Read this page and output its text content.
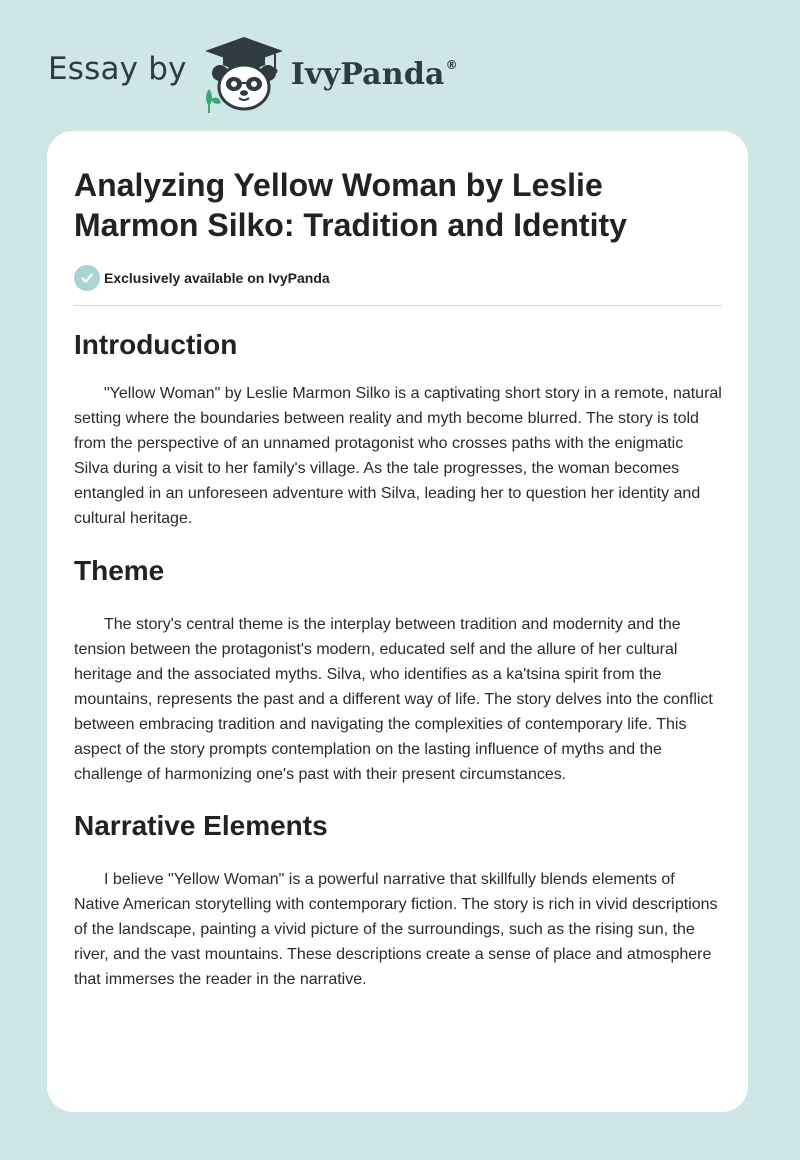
Essay by	IvyPanda®
Analyzing Yellow Woman by Leslie Marmon Silko: Tradition and Identity
Exclusively available on IvyPanda
Introduction

"Yellow Woman" by Leslie Marmon Silko is a captivating short story in a remote, natural setting where the boundaries between reality and myth become blurred. The story is told from the perspective of an unnamed protagonist who crosses paths with the enigmatic Silva during a visit to her family's village. As the tale progresses, the woman becomes entangled in an unforeseen adventure with Silva, leading her to question her identity and cultural heritage.

Theme

The story's central theme is the interplay between tradition and modernity and the tension between the protagonist's modern, educated self and the allure of her cultural heritage and the associated myths. Silva, who identifies as a ka'tsina spirit from the mountains, represents the past and a different way of life. The story delves into the conflict between embracing tradition and navigating the complexities of contemporary life. This aspect of the story prompts contemplation on the lasting influence of myths and the challenge of harmonizing one's past with their present circumstances.

Narrative Elements

I believe "Yellow Woman" is a powerful narrative that skillfully blends elements of Native American storytelling with contemporary fiction. The story is rich in vivid descriptions of the landscape, painting a vivid picture of the surroundings, such as the rising sun, the river, and the vast mountains. These descriptions create a sense of place and atmosphere that immerses the reader in the narrative.
